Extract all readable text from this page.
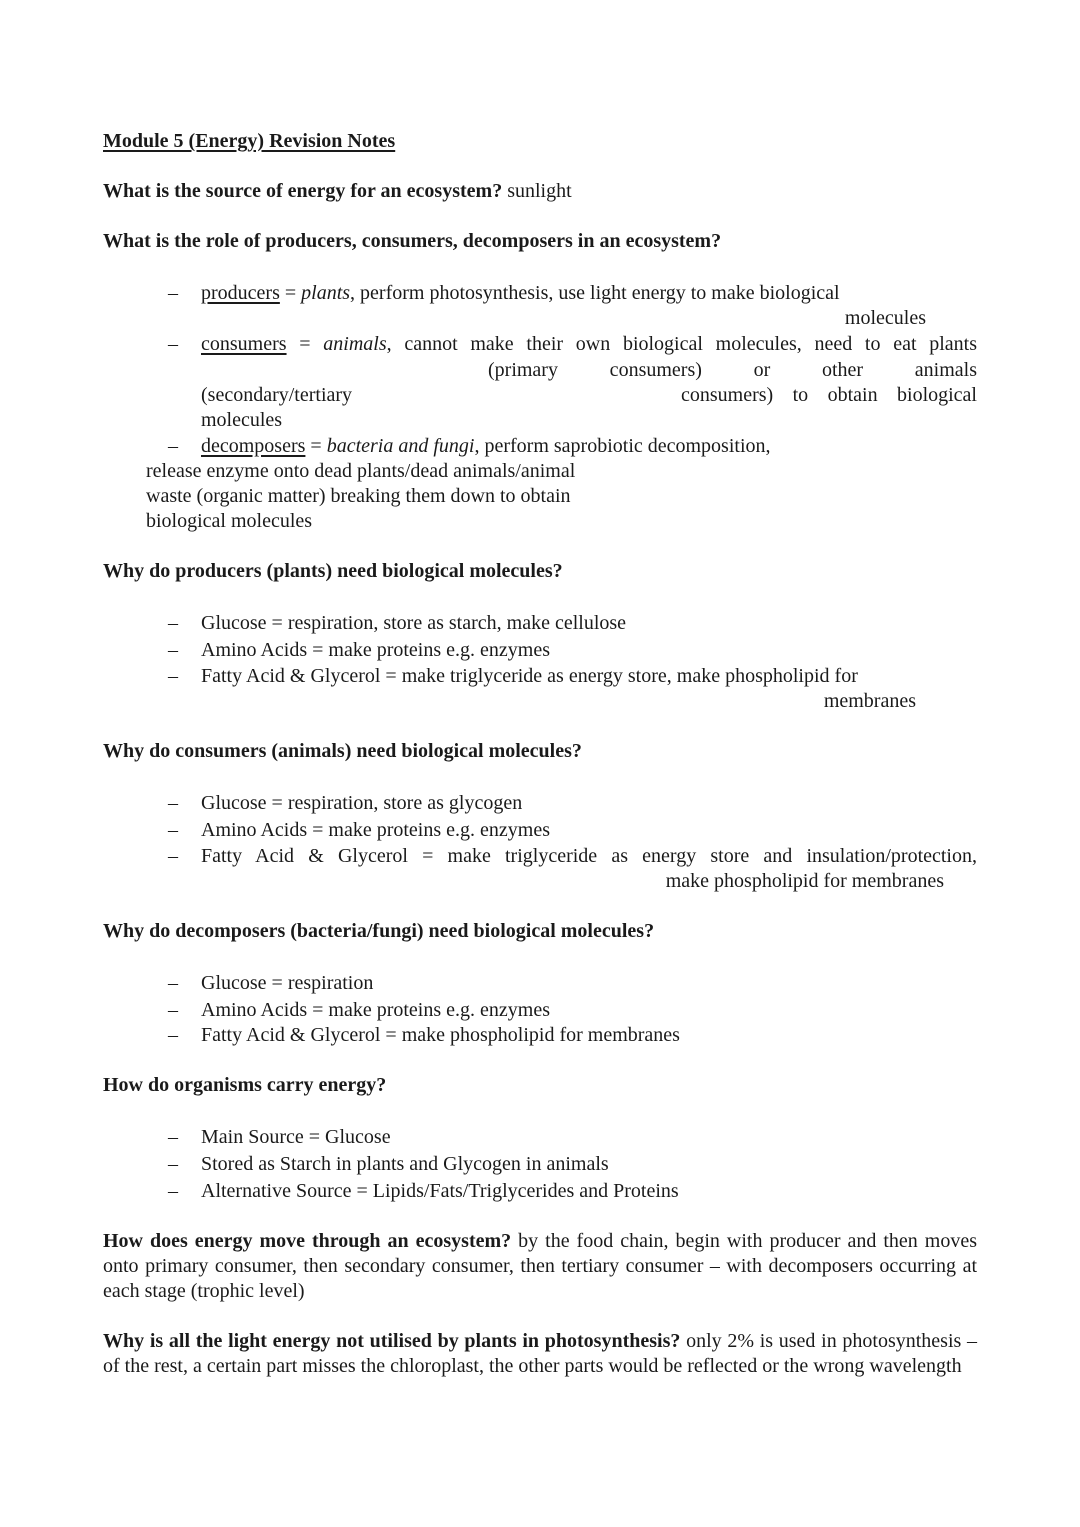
Module 5 (Energy) Revision Notes
What is the source of energy for an ecosystem? sunlight
What is the role of producers, consumers, decomposers in an ecosystem?
– producers = plants, perform photosynthesis, use light energy to make biological
molecules
– consumers = animals, cannot make their own biological molecules, need to eat plants
(primary consumers) or other animals
(secondary/tertiary	consumers) to obtain biological
molecules
– decomposers = bacteria and fungi, perform saprobiotic decomposition,
release enzyme onto dead plants/dead animals/animal
waste (organic matter) breaking them down to obtain
biological molecules
Why do producers (plants) need biological molecules?
– Glucose = respiration, store as starch, make cellulose
– Amino Acids = make proteins e.g. enzymes
– Fatty Acid & Glycerol = make triglyceride as energy store, make phospholipid for
membranes
Why do consumers (animals) need biological molecules?
– Glucose = respiration, store as glycogen
– Amino Acids = make proteins e.g. enzymes
– Fatty Acid & Glycerol = make triglyceride as energy store and insulation/protection,
make phospholipid for membranes
Why do decomposers (bacteria/fungi) need biological molecules?
– Glucose = respiration
– Amino Acids = make proteins e.g. enzymes
– Fatty Acid & Glycerol = make phospholipid for membranes
How do organisms carry energy?
– Main Source = Glucose
– Stored as Starch in plants and Glycogen in animals
– Alternative Source = Lipids/Fats/Triglycerides and Proteins
How does energy move through an ecosystem? by the food chain, begin with producer and then moves onto primary consumer, then secondary consumer, then tertiary consumer – with decomposers occurring at each stage (trophic level)
Why is all the light energy not utilised by plants in photosynthesis? only 2% is used in photosynthesis – of the rest, a certain part misses the chloroplast, the other parts would be reflected or the wrong wavelength
